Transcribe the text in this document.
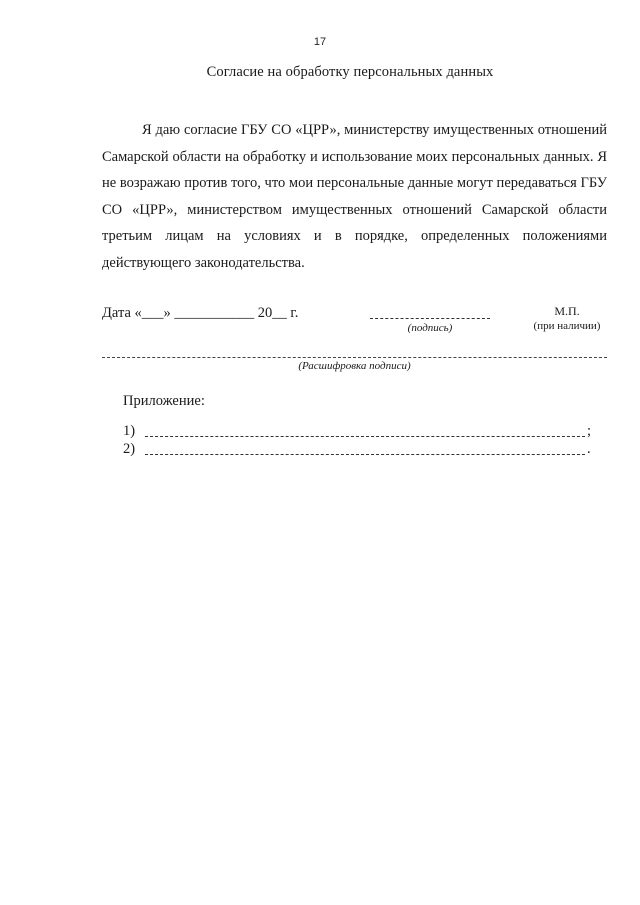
17
Согласие на обработку персональных данных
Я даю согласие ГБУ СО «ЦРР», министерству имущественных отношений Самарской области на обработку и использование моих персональных данных. Я не возражаю против того, что мои персональные данные могут передаваться ГБУ СО «ЦРР», министерством имущественных отношений Самарской области третьим лицам на условиях и в порядке, определенных положениями действующего законодательства.
Дата «___» ___________ 20__ г.
(подпись)
М.П.
(при наличии)
(Расшифровка подписи)
Приложение:
1)	;
2)	.
